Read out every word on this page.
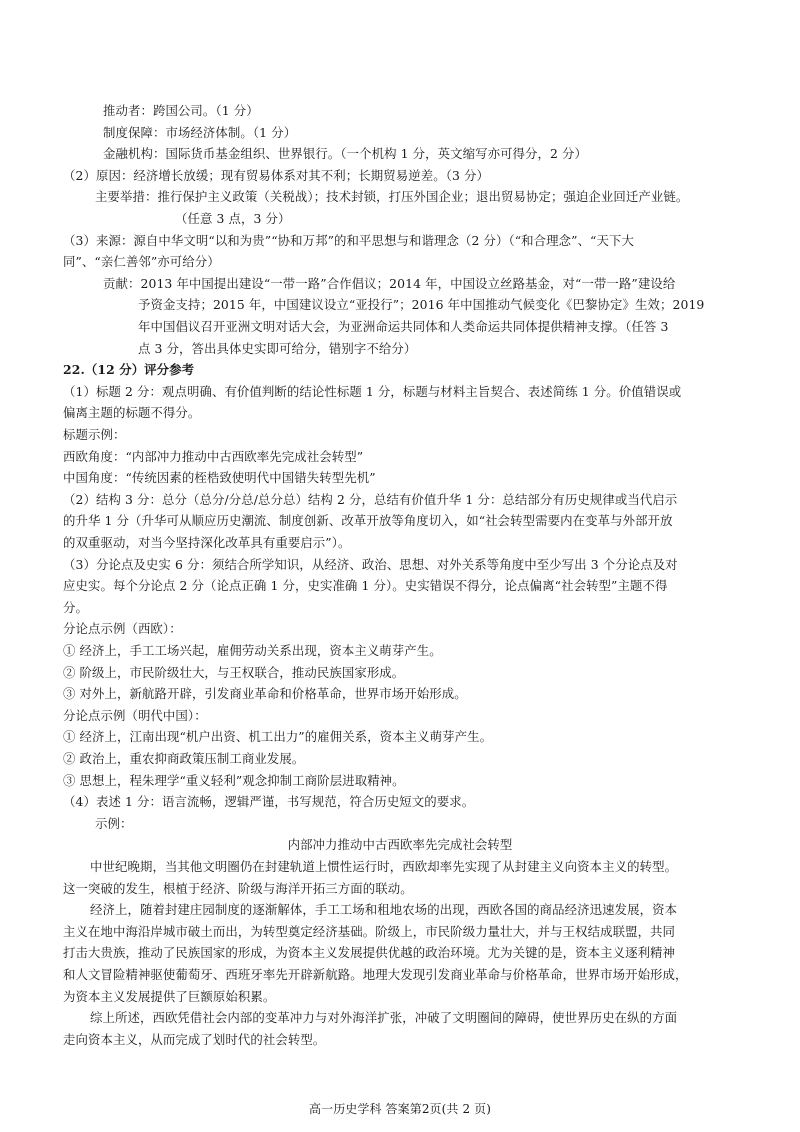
推动者：跨国公司。（1 分）
制度保障：市场经济体制。（1 分）
金融机构：国际货币基金组织、世界银行。（一个机构 1 分，英文缩写亦可得分，2 分）
（2）原因：经济增长放缓；现有贸易体系对其不利；长期贸易逆差。（3 分）
主要举措：推行保护主义政策（关税战）；技术封锁，打压外国企业；退出贸易协定；强迫企业回迁产业链。
（任意 3 点，3 分）
（3）来源：源自中华文明“以和为贵”“协和万邦”的和平思想与和谐理念（2 分）（“和合理念”、“天下大
同”、“亲仁善邻”亦可给分）
贡献：2013 年中国提出建设“一带一路”合作倡议；2014 年，中国设立丝路基金，对“一带一路”建设给
予资金支持；2015 年，中国建议设立“亚投行”；2016 年中国推动气候变化《巴黎协定》生效；2019
年中国倡议召开亚洲文明对话大会，为亚洲命运共同体和人类命运共同体提供精神支撑。（任答 3
点 3 分，答出具体史实即可给分，错别字不给分）
22.（12 分）评分参考
（1）标题 2 分：观点明确、有价值判断的结论性标题 1 分，标题与材料主旨契合、表述简练 1 分。价值错误或
偏离主题的标题不得分。
标题示例：
西欧角度：“内部冲力推动中古西欧率先完成社会转型”
中国角度：“传统因素的桎梏致使明代中国错失转型先机”
（2）结构 3 分：总分（总分/分总/总分总）结构 2 分，总结有价值升华 1 分：总结部分有历史规律或当代启示
的升华 1 分（升华可从顺应历史潮流、制度创新、改革开放等角度切入，如“社会转型需要内在变革与外部开放
的双重驱动，对当今坚持深化改革具有重要启示”）。
（3）分论点及史实 6 分：须结合所学知识，从经济、政治、思想、对外关系等角度中至少写出 3 个分论点及对
应史实。每个分论点 2 分（论点正确 1 分，史实准确 1 分）。史实错误不得分，论点偏离“社会转型”主题不得
分。
分论点示例（西欧）：
① 经济上，手工工场兴起，雇佣劳动关系出现，资本主义萌芽产生。
② 阶级上，市民阶级壮大，与王权联合，推动民族国家形成。
③ 对外上，新航路开辟，引发商业革命和价格革命，世界市场开始形成。
分论点示例（明代中国）：
① 经济上，江南出现“机户出资、机工出力”的雇佣关系，资本主义萌芽产生。
② 政治上，重农抑商政策压制工商业发展。
③ 思想上，程朱理学“重义轻利”观念抑制工商阶层进取精神。
（4）表述 1 分：语言流畅，逻辑严谨，书写规范，符合历史短文的要求。
示例：
内部冲力推动中古西欧率先完成社会转型
中世纪晚期，当其他文明圈仍在封建轨道上惯性运行时，西欧却率先实现了从封建主义向资本主义的转型。
这一突破的发生，根植于经济、阶级与海洋开拓三方面的联动。
经济上，随着封建庄园制度的逐渐解体，手工工场和租地农场的出现，西欧各国的商品经济迅速发展，资本
主义在地中海沿岸城市破土而出，为转型奠定经济基础。阶级上，市民阶级力量壮大，并与王权结成联盟，共同
打击大贵族，推动了民族国家的形成，为资本主义发展提供优越的政治环境。尤为关键的是，资本主义逐利精神
和人文冒险精神驱使葡萄牙、西班牙率先开辟新航路。地理大发现引发商业革命与价格革命，世界市场开始形成，
为资本主义发展提供了巨额原始积累。
综上所述，西欧凭借社会内部的变革冲力与对外海洋扩张，冲破了文明圈间的障碍，使世界历史在纵的方面
走向资本主义，从而完成了划时代的社会转型。
高一历史学科 答案第2页(共 2 页)
